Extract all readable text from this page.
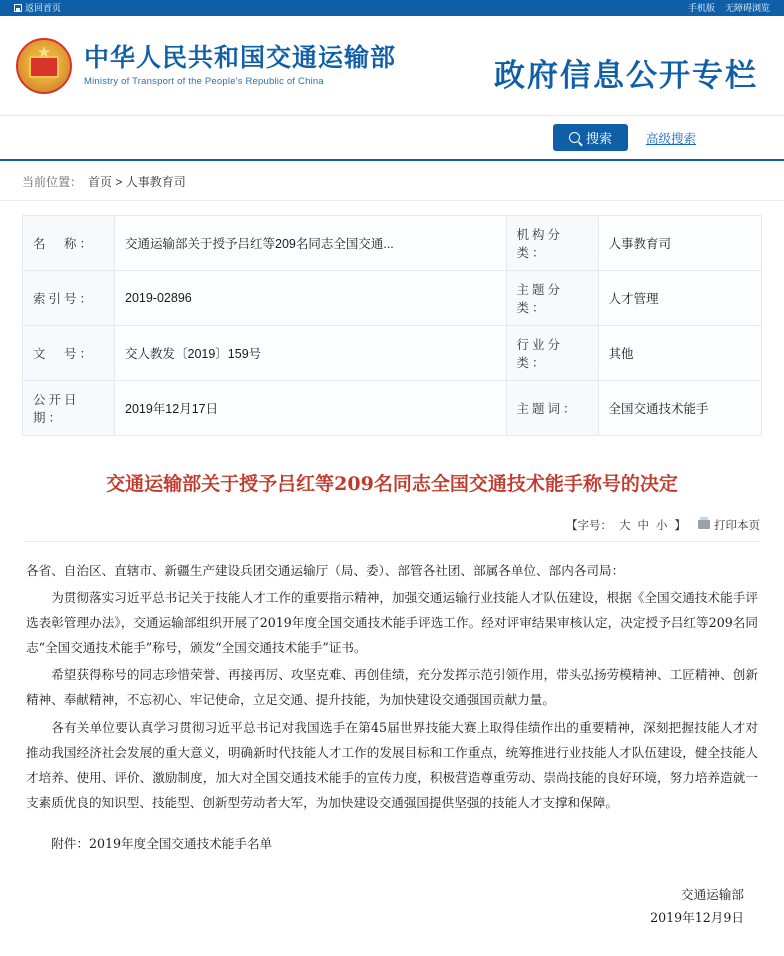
返回首页	手机版 无障碍浏览
★
中华人民共和国交通运输部
Ministry of Transport of the People's Republic of China	政府信息公开专栏
搜索	高级搜索
当前位置： 首页 > 人事教育司
名　称：	交通运输部关于授予吕红等209名同志全国交通...	机构分类：	人事教育司
索引号：	2019-02896	主题分类：	人才管理
文　号：	交人教发〔2019〕159号	行业分类：	其他
公开日期：	2019年12月17日	主题词：	全国交通技术能手
交通运输部关于授予吕红等209名同志全国交通技术能手称号的决定
【字号： 大 中 小 】 打印本页

各省、自治区、直辖市、新疆生产建设兵团交通运输厅（局、委）、部管各社团、部属各单位、部内各司局：

为贯彻落实习近平总书记关于技能人才工作的重要指示精神，加强交通运输行业技能人才队伍建设，根据《全国交通技术能手评选表彰管理办法》，交通运输部组织开展了2019年度全国交通技术能手评选工作。经对评审结果审核认定，决定授予吕红等209名同志“全国交通技术能手”称号，颁发“全国交通技术能手”证书。

希望获得称号的同志珍惜荣誉、再接再厉、攻坚克难、再创佳绩，充分发挥示范引领作用，带头弘扬劳模精神、工匠精神、创新精神、奉献精神，不忘初心、牢记使命，立足交通、提升技能，为加快建设交通强国贡献力量。

各有关单位要认真学习贯彻习近平总书记对我国选手在第45届世界技能大赛上取得佳绩作出的重要精神，深刻把握技能人才对推动我国经济社会发展的重大意义，明确新时代技能人才工作的发展目标和工作重点，统筹推进行业技能人才队伍建设，健全技能人才培养、使用、评价、激励制度，加大对全国交通技术能手的宣传力度，积极营造尊重劳动、崇尚技能的良好环境，努力培养造就一支素质优良的知识型、技能型、创新型劳动者大军，为加快建设交通强国提供坚强的技能人才支撑和保障。

附件：2019年度全国交通技术能手名单

交通运输部
2019年12月9日
